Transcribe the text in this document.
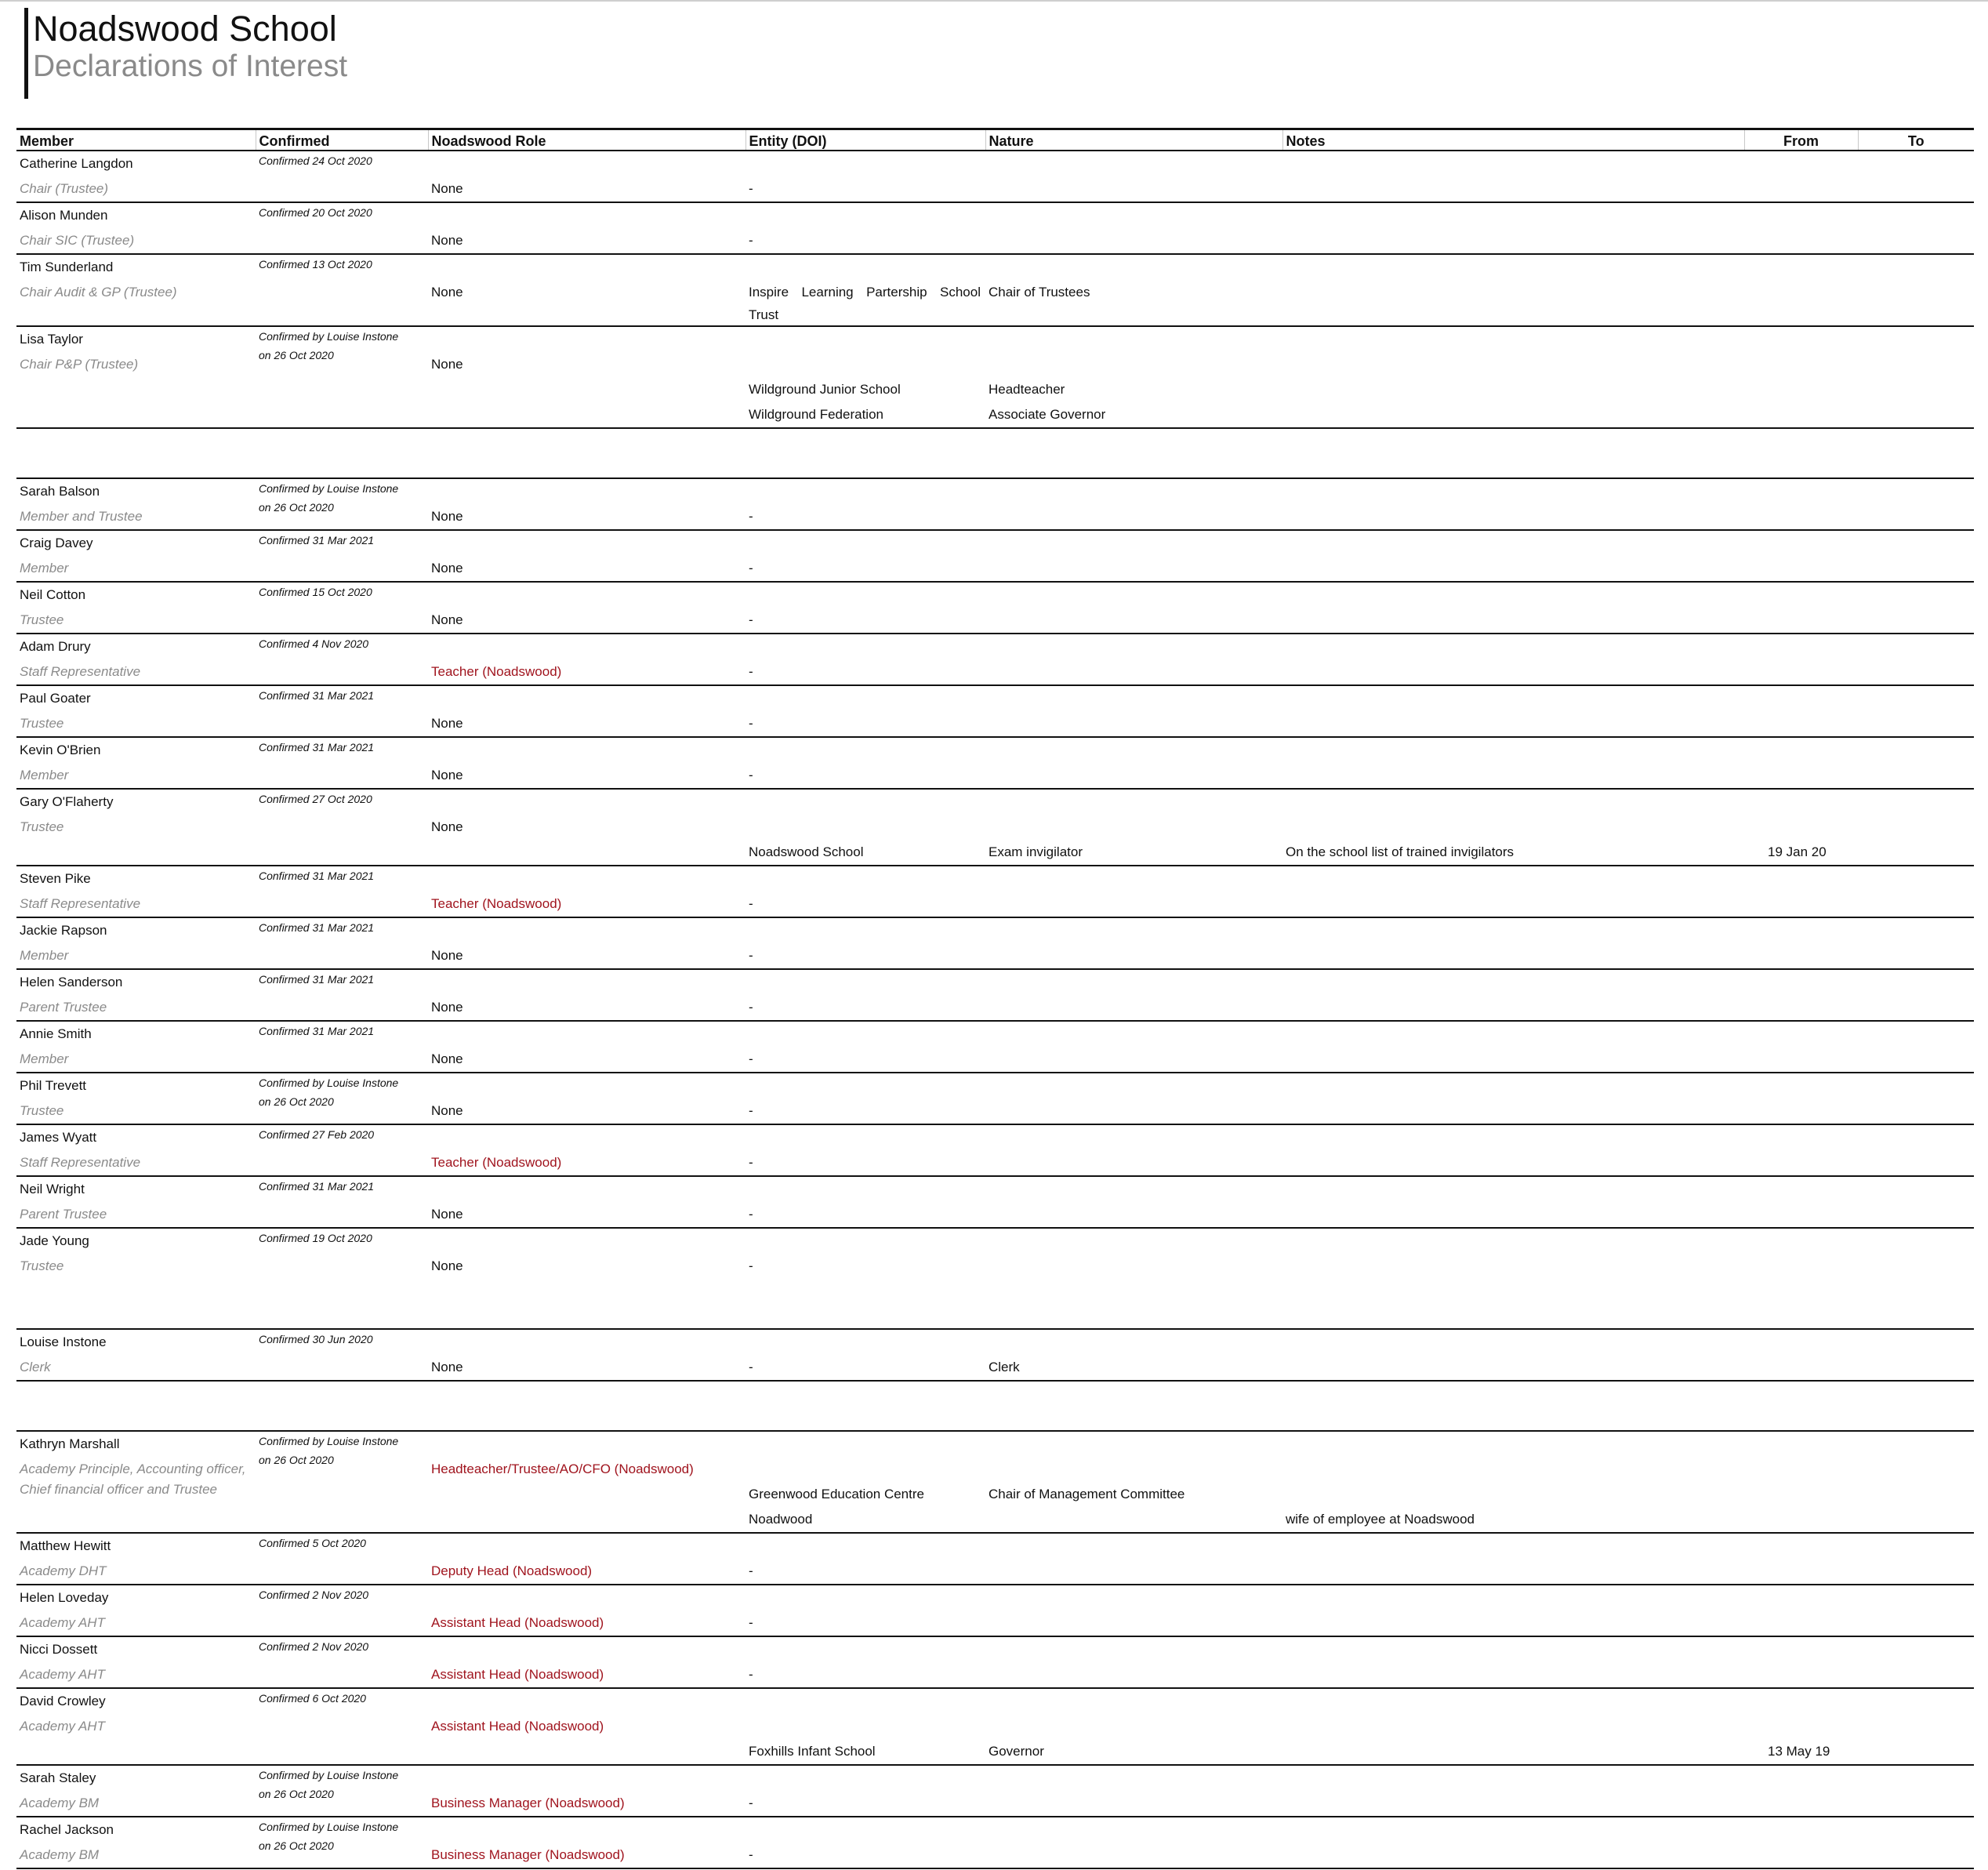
Noadswood School
Declarations of Interest
Member	Confirmed	Noadswood Role	Entity (DOI)	Nature	Notes	From	To
Catherine Langdon	Confirmed 24 Oct 2020						
Chair (Trustee)		None	-				
Alison Munden	Confirmed 20 Oct 2020						
Chair SIC (Trustee)		None	-				
Tim Sunderland	Confirmed 13 Oct 2020						
Chair Audit & GP (Trustee)		None	Inspire Learning Partership School
Trust	Chair of Trustees			
Lisa Taylor	Confirmed by Louise Instone
on 26 Oct 2020						

Chair P&P (Trustee)		None					
			Wildground Junior School	Headteacher			
			Wildground Federation	Associate Governor			

Sarah Balson	Confirmed by Louise Instone
on 26 Oct 2020						

Member and Trustee		None	-				
Craig Davey	Confirmed 31 Mar 2021						
Member		None	-				
Neil Cotton	Confirmed 15 Oct 2020						
Trustee		None	-				
Adam Drury	Confirmed 4 Nov 2020						
Staff Representative		Teacher (Noadswood)	-				
Paul Goater	Confirmed 31 Mar 2021						
Trustee		None	-				
Kevin O'Brien	Confirmed 31 Mar 2021						
Member		None	-				
Gary O'Flaherty	Confirmed 27 Oct 2020						
Trustee		None					
			Noadswood School	Exam invigilator	On the school list of trained invigilators	19 Jan 20	
Steven Pike	Confirmed 31 Mar 2021						
Staff Representative		Teacher (Noadswood)	-				
Jackie Rapson	Confirmed 31 Mar 2021						
Member		None	-				
Helen Sanderson	Confirmed 31 Mar 2021						
Parent Trustee		None	-				
Annie Smith	Confirmed 31 Mar 2021						
Member		None	-				
Phil Trevett	Confirmed by Louise Instone
on 26 Oct 2020						

Trustee		None	-				
James Wyatt	Confirmed 27 Feb 2020						
Staff Representative		Teacher (Noadswood)	-				
Neil Wright	Confirmed 31 Mar 2021						
Parent Trustee		None	-				
Jade Young	Confirmed 19 Oct 2020						
Trustee		None	-				

Louise Instone	Confirmed 30 Jun 2020						
Clerk		None	-	Clerk			

Kathryn Marshall	Confirmed by Louise Instone
on 26 Oct 2020						

Academy Principle, Accounting officer, Chief financial officer and Trustee		Headteacher/Trustee/AO/CFO (Noadswood)					
			Greenwood Education Centre	Chair of Management Committee			
			Noadwood		wife of employee at Noadswood		
Matthew Hewitt	Confirmed 5 Oct 2020						
Academy DHT		Deputy Head (Noadswood)	-				
Helen Loveday	Confirmed 2 Nov 2020						
Academy AHT		Assistant Head (Noadswood)	-				
Nicci Dossett	Confirmed 2 Nov 2020						
Academy AHT		Assistant Head (Noadswood)	-				
David Crowley	Confirmed 6 Oct 2020						
Academy AHT		Assistant Head (Noadswood)					
			Foxhills Infant School	Governor		13 May 19	
Sarah Staley	Confirmed by Louise Instone
on 26 Oct 2020						

Academy BM		Business Manager (Noadswood)	-				
Rachel Jackson	Confirmed by Louise Instone
on 26 Oct 2020						

Academy BM		Business Manager (Noadswood)	-				
